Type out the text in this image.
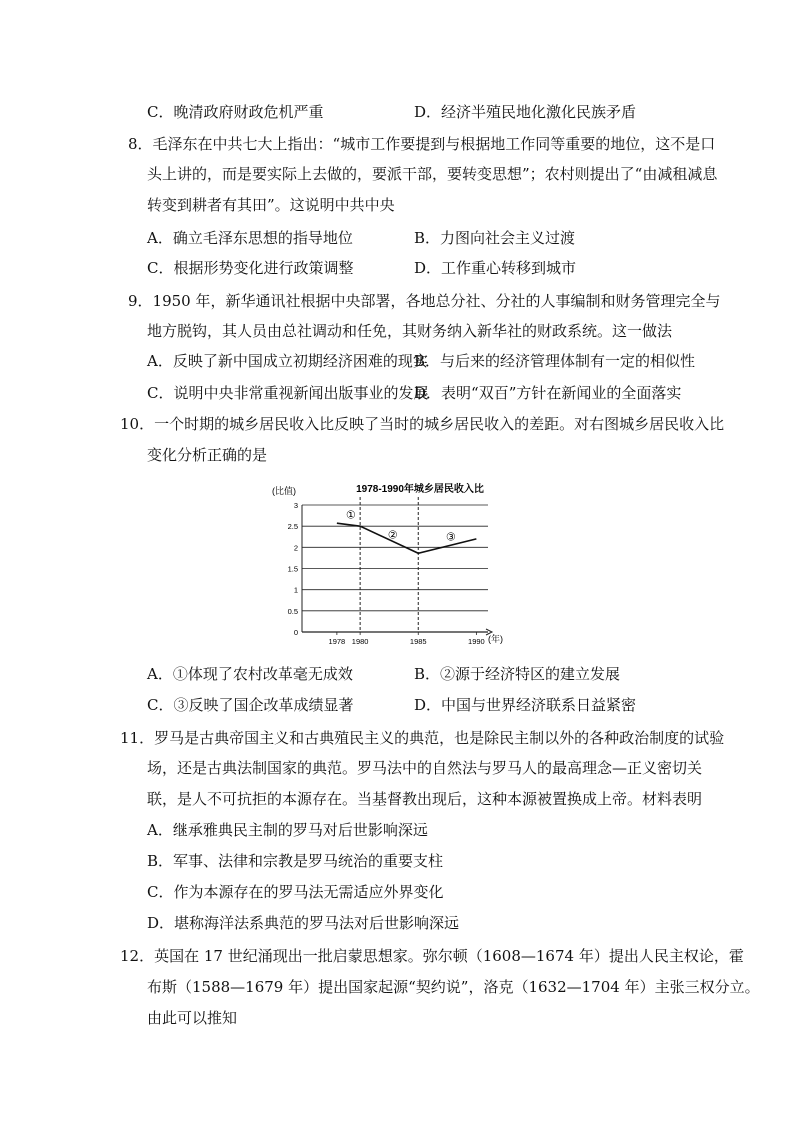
C．晚清政府财政危机严重	D．经济半殖民地化激化民族矛盾
8．毛泽东在中共七大上指出：“城市工作要提到与根据地工作同等重要的地位，这不是口
头上讲的，而是要实际上去做的，要派干部，要转变思想”；农村则提出了“由减租减息
转变到耕者有其田”。这说明中共中央
A．确立毛泽东思想的指导地位	B．力图向社会主义过渡
C．根据形势变化进行政策调整	D．工作重心转移到城市
9．1950 年，新华通讯社根据中央部署，各地总分社、分社的人事编制和财务管理完全与
地方脱钩，其人员由总社调动和任免，其财务纳入新华社的财政系统。这一做法
A．反映了新中国成立初期经济困难的现实
B．与后来的经济管理体制有一定的相似性
C．说明中央非常重视新闻出版事业的发展
D．表明“双百”方针在新闻业的全面落实
10．一个时期的城乡居民收入比反映了当时的城乡居民收入的差距。对右图城乡居民收入比
变化分析正确的是
1978-1990年城乡居民收入比
(比值)
(年)
0
0.5
1
1.5
2
2.5
3
1978 1980	1985	1990
①
②	③
A．①体现了农村改革毫无成效	B．②源于经济特区的建立发展
C．③反映了国企改革成绩显著	D．中国与世界经济联系日益紧密
11．罗马是古典帝国主义和古典殖民主义的典范，也是除民主制以外的各种政治制度的试验
场，还是古典法制国家的典范。罗马法中的自然法与罗马人的最高理念—正义密切关
联，是人不可抗拒的本源存在。当基督教出现后，这种本源被置换成上帝。材料表明
A．继承雅典民主制的罗马对后世影响深远
B．军事、法律和宗教是罗马统治的重要支柱
C．作为本源存在的罗马法无需适应外界变化
D．堪称海洋法系典范的罗马法对后世影响深远
12．英国在 17 世纪涌现出一批启蒙思想家。弥尔顿（1608—1674 年）提出人民主权论，霍
布斯（1588—1679 年）提出国家起源“契约说”，洛克（1632—1704 年）主张三权分立。
由此可以推知
